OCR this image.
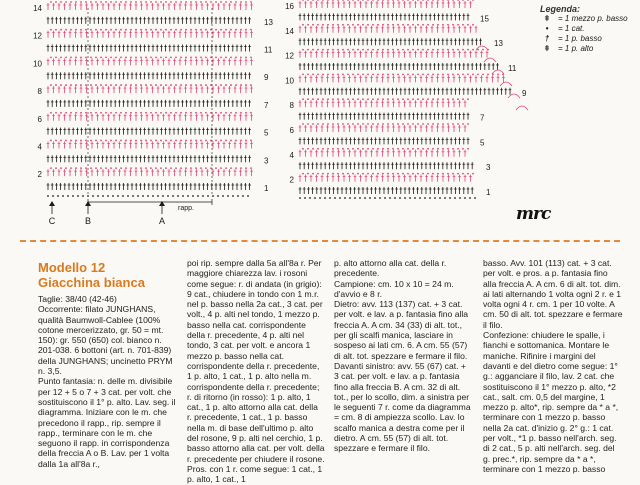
14
13
12
11
10
9
8
7
6
5
4
3
2
1
rapp.
C	B	A
16
15
14
13
12
11
10
9
8
7
6
5
4
3
2
1
Legenda:
ǂ	= 1 mezzo p. basso
•	= 1 cat.
†	= 1 p. basso
ǂ	= 1 p. alto
mrc
Modello 12
Giacchina bianca
Taglie: 38/40 (42-46)
Occorrente: filato JUNGHANS, qualità Baumwoll-Cablee (100% cotone mercerizzato, gr. 50 = mt. 150): gr. 550 (650) col. bianco n. 201-038. 6 bottoni (art. n. 701-839) della JUNGHANS; uncinetto PRYM n. 3,5.
Punto fantasia: n. delle m. divisibile per 12 + 5 o 7 + 3 cat. per volt. che sostituiscono il 1° p. alto. Lav. seg. il diagramma. Iniziare con le m. che precedono il rapp., rip. sempre il rapp., terminare con le m. che seguono il rapp. in corrispondenza della freccia A o B. Lav. per 1 volta dalla 1a all'8a r.,
poi rip. sempre dalla 5a all'8a r. Per maggiore chiarezza lav. i rosoni come segue: r. di andata (in grigio): 9 cat., chiudere in tondo con 1 m.r. nel p. basso nella 2a cat., 3 cat. per volt., 4 p. alti nel tondo, 1 mezzo p. basso nella cat. corrispondente della r. precedente, 4 p. alti nel tondo, 3 cat. per volt. e ancora 1 mezzo p. basso nella cat. corrispondente della r. precedente, 1 p. alto, 1 cat., 1 p. alto nella m. corrispondente della r. precedente; r. di ritorno (in rosso): 1 p. alto, 1 cat., 1 p. alto attorno alla cat. della r. precedente, 1 cat., 1 p. basso nella m. di base dell'ultimo p. alto del rosone, 9 p. alti nel cerchio, 1 p. basso attorno alla cat. per volt. della r. precedente per chiudere il rosone. Pros. con 1 r. come segue: 1 cat., 1 p. alto, 1 cat., 1
p. alto attorno alla cat. della r. precedente.
Campione: cm. 10 x 10 = 24 m. d'avvio e 8 r.
Dietro: avv. 113 (137) cat. + 3 cat. per volt. e lav. a p. fantasia fino alla freccia A. A cm. 34 (33) di alt. tot., per gli scalfi manica, lasciare in sospeso ai lati cm. 6. A cm. 55 (57) di alt. tot. spezzare e fermare il filo.
Davanti sinistro: avv. 55 (67) cat. + 3 cat. per volt. e lav. a p. fantasia fino alla freccia B. A cm. 32 di alt. tot., per lo scollo, dim. a sinistra per le seguenti 7 r. come da diagramma = cm. 8 di ampiezza scollo. Lav. lo scalfo manica a destra come per il dietro. A cm. 55 (57) di alt. tot. spezzare e fermare il filo.
basso. Avv. 101 (113) cat. + 3 cat. per volt. e pros. a p. fantasia fino alla freccia A. A cm. 6 di alt. tot. dim. ai lati alternando 1 volta ogni 2 r. e 1 volta ogni 4 r. cm. 1 per 10 volte. A cm. 50 di alt. tot. spezzare e fermare il filo.
Confezione: chiudere le spalle, i fianchi e sottomanica. Montare le maniche. Rifinire i margini del davanti e del dietro come segue: 1° g.: agganciare il filo, lav. 2 cat. che sostituiscono il 1° mezzo p. alto, *2 cat., salt. cm. 0,5 del margine, 1 mezzo p. alto*, rip. sempre da * a *, terminare con 1 mezzo p. basso nella 2a cat. d'inizio g. 2° g.: 1 cat. per volt., *1 p. basso nell'arch. seg. di 2 cat., 5 p. alti nell'arch. seg. del g. prec.*, rip. sempre da * a *, terminare con 1 mezzo p. basso
